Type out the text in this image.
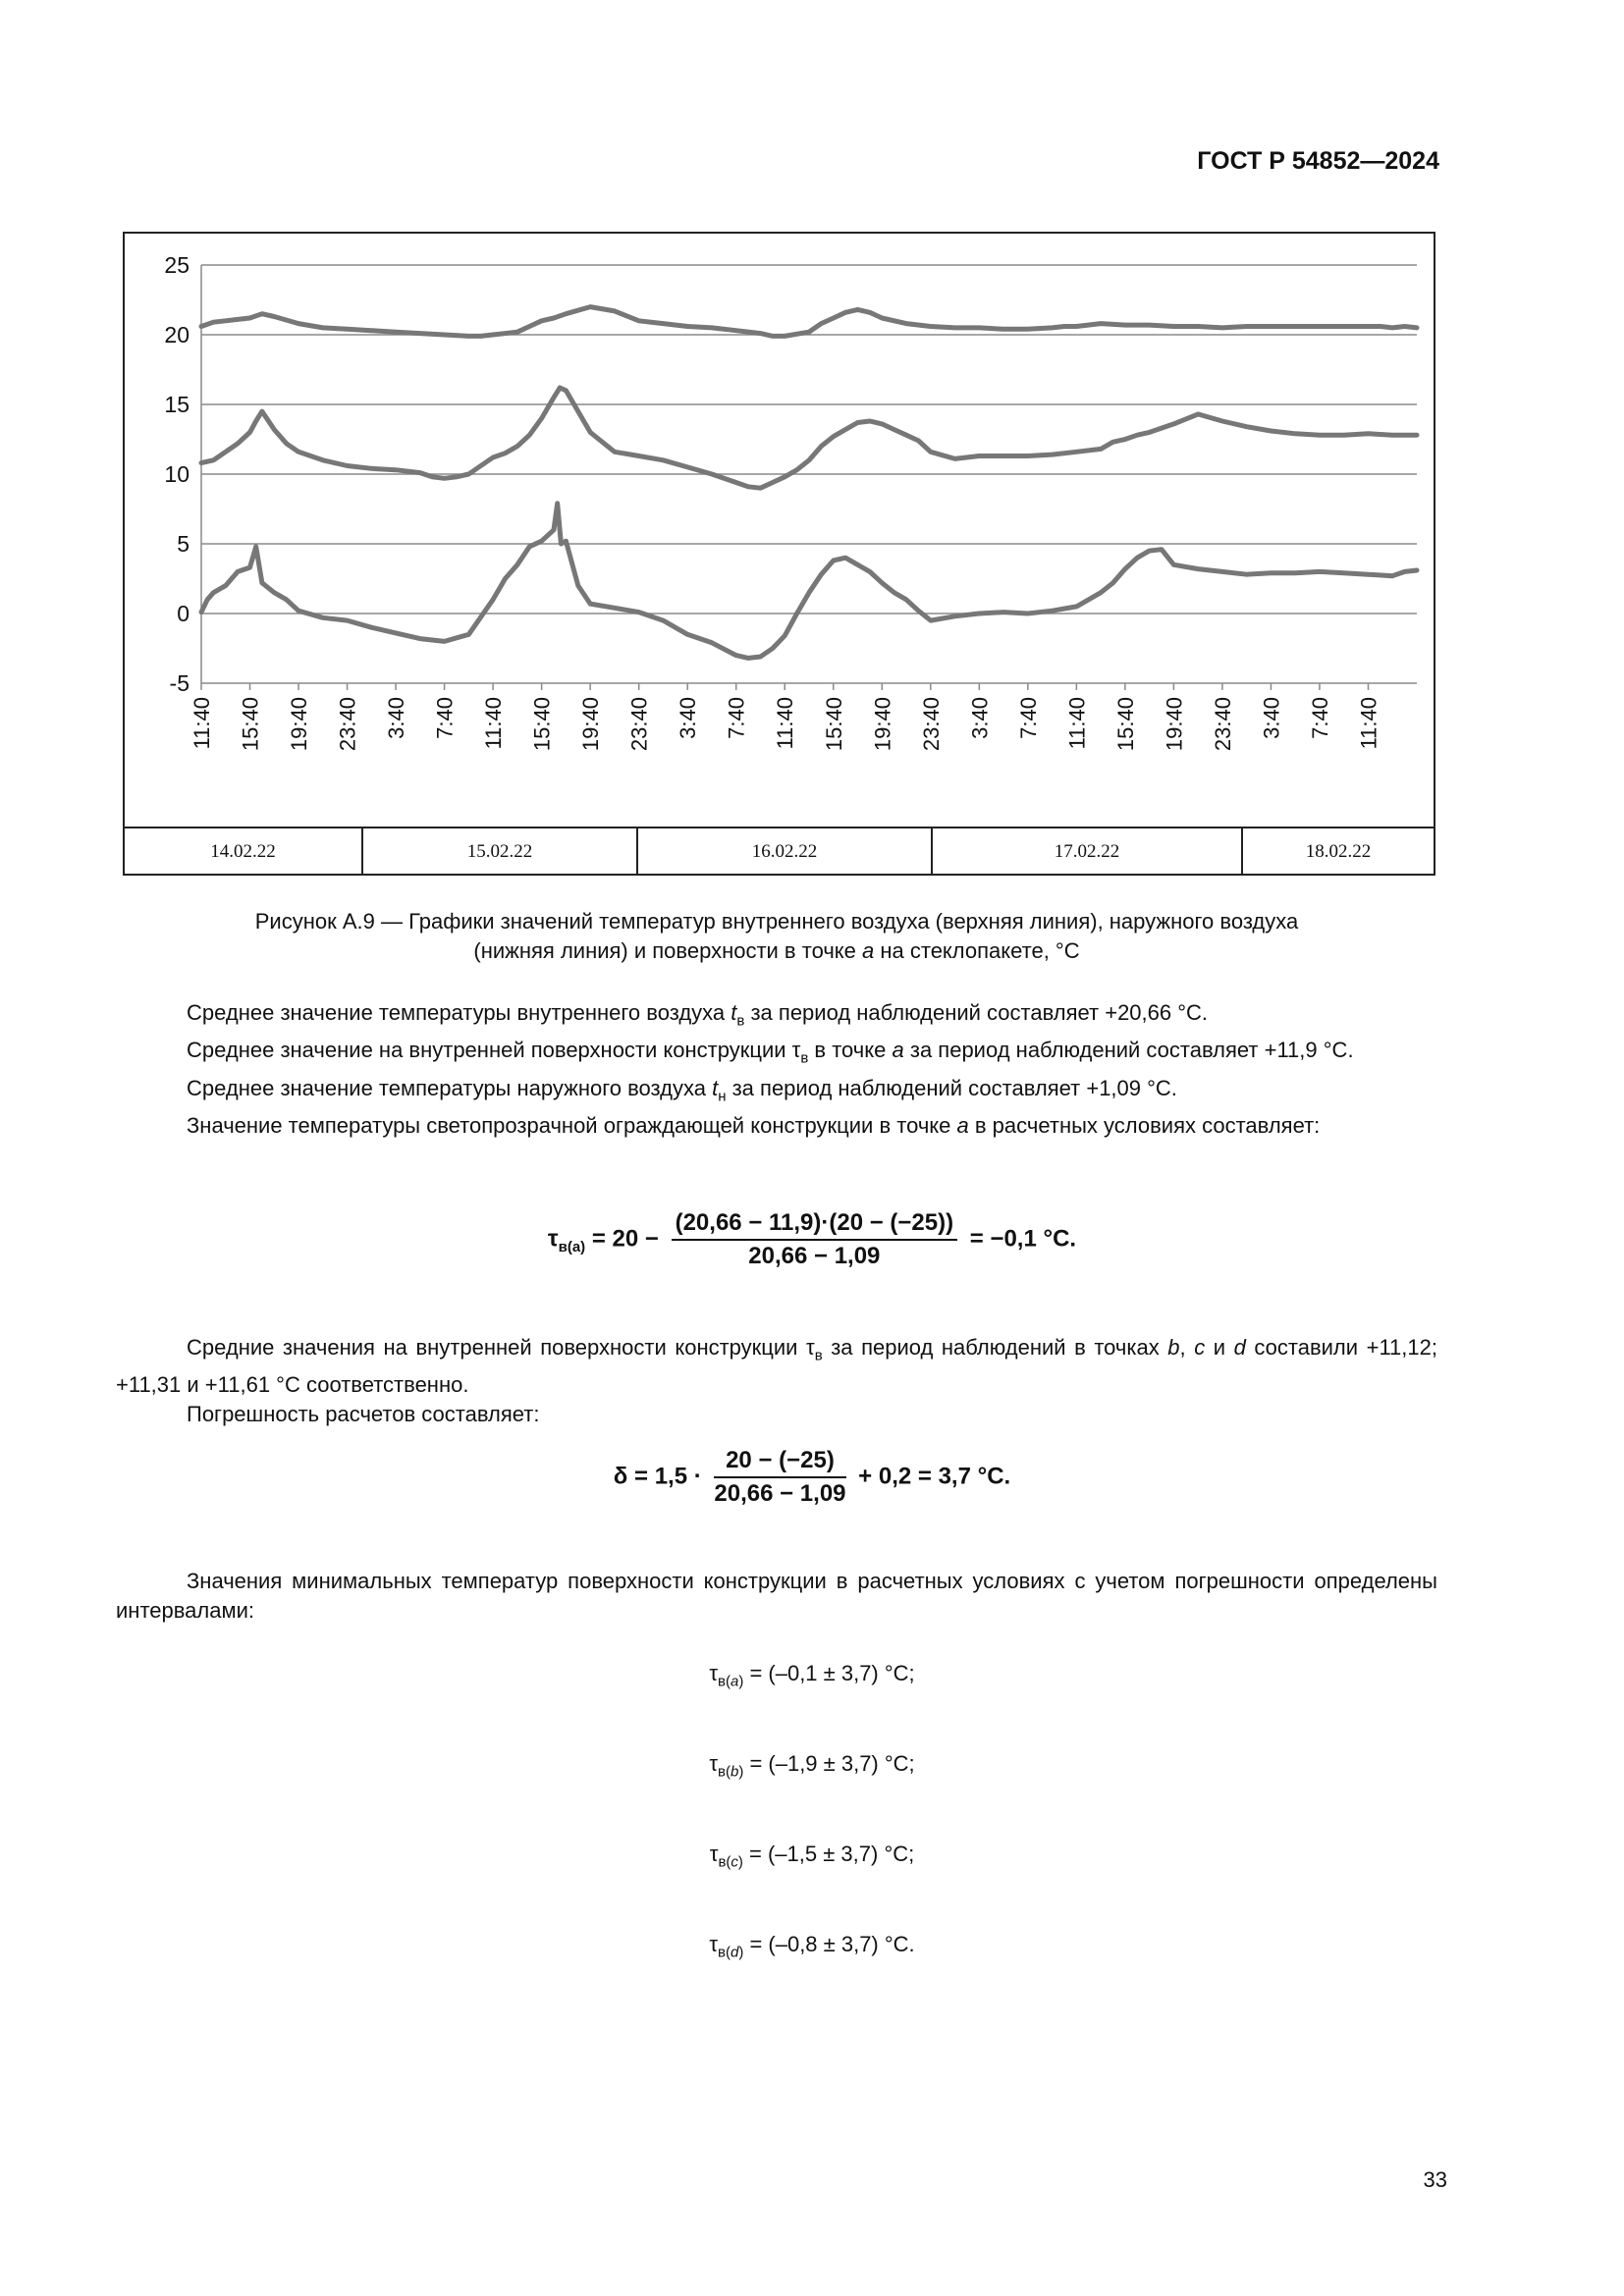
ГОСТ Р 54852—2024
25
20
15
10
5
0
-5
11:40 15:40 19:40 23:40 3:40 7:40 11:40 15:40 19:40 23:40 3:40 7:40 11:40 15:40 19:40 23:40 3:40 7:40 11:40 15:40 19:40 23:40 3:40 7:40 11:40
14.02.22	15.02.22	16.02.22	17.02.22	18.02.22
Рисунок А.9 — Графики значений температур внутреннего воздуха (верхняя линия), наружного воздуха
(нижняя линия) и поверхности в точке a на стеклопакете, °С

Среднее значение температуры внутреннего воздуха $t_в$ за период наблюдений составляет +20,66 °С.

Среднее значение на внутренней поверхности конструкции $\tau_в$ в точке a за период наблюдений составляет +11,9 °С.

Среднее значение температуры наружного воздуха $t_н$ за период наблюдений составляет +1,09 °С.

Значение температуры светопрозрачной ограждающей конструкции в точке a в расчетных условиях составляет:

$\tau_{в(а)} = 20 - \frac{(20,66 - 11,9)\cdot(20 - (-25))}{20,66 - 1,09} = -0,1$ °С.

Средние значения на внутренней поверхности конструкции $\tau_в$ за период наблюдений в точках b, c и d составили +11,12; +11,31 и +11,61 °С соответственно.

Погрешность расчетов составляет:

$\delta = 1,5 \cdot \frac{20 - (-25)}{20,66 - 1,09} + 0,2 = 3,7$ °С.

Значения минимальных температур поверхности конструкции в расчетных условиях с учетом погрешности определены интервалами:

$\tau_{в(a)} = (-0,1 \pm 3,7)$ °С;
$\tau_{в(b)} = (-1,9 \pm 3,7)$ °С;
$\tau_{в(c)} = (-1,5 \pm 3,7)$ °С;
$\tau_{в(d)} = (-0,8 \pm 3,7)$ °С.
33
